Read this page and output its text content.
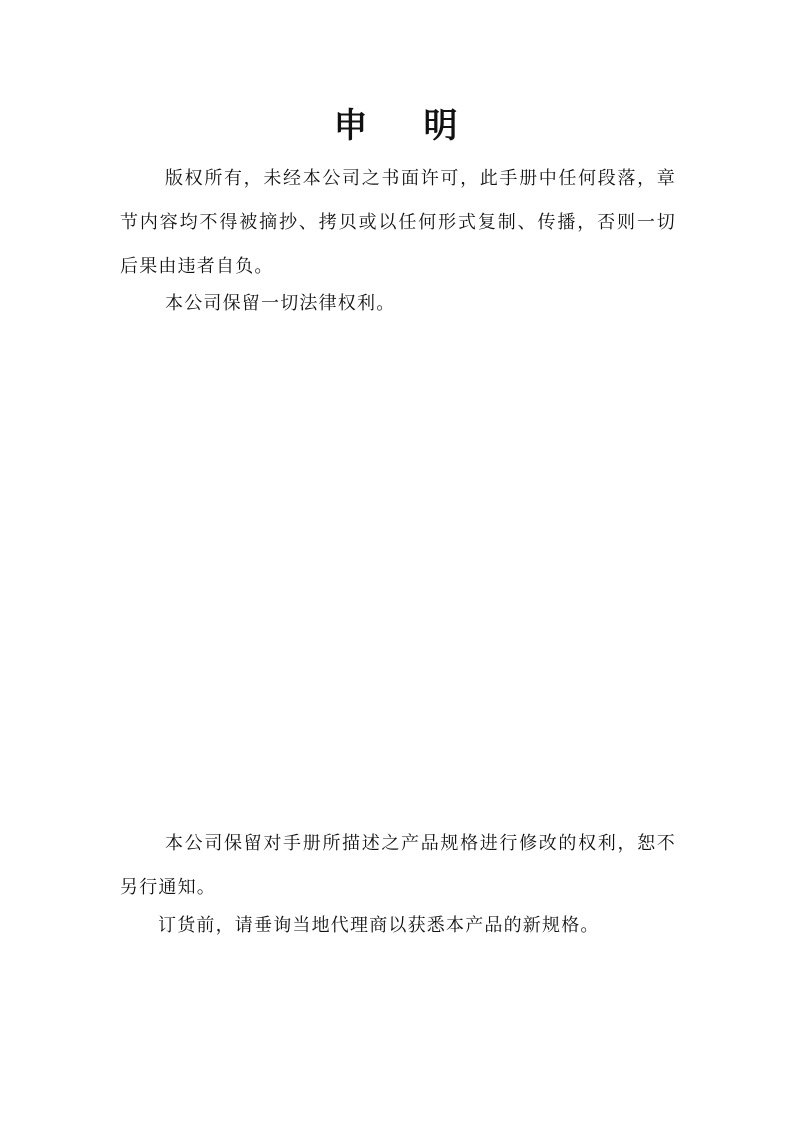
申 明

版权所有，未经本公司之书面许可，此手册中任何段落，章节内容均不得被摘抄、拷贝或以任何形式复制、传播，否则一切后果由违者自负。

本公司保留一切法律权利。

本公司保留对手册所描述之产品规格进行修改的权利，恕不另行通知。

订货前，请垂询当地代理商以获悉本产品的新规格。
